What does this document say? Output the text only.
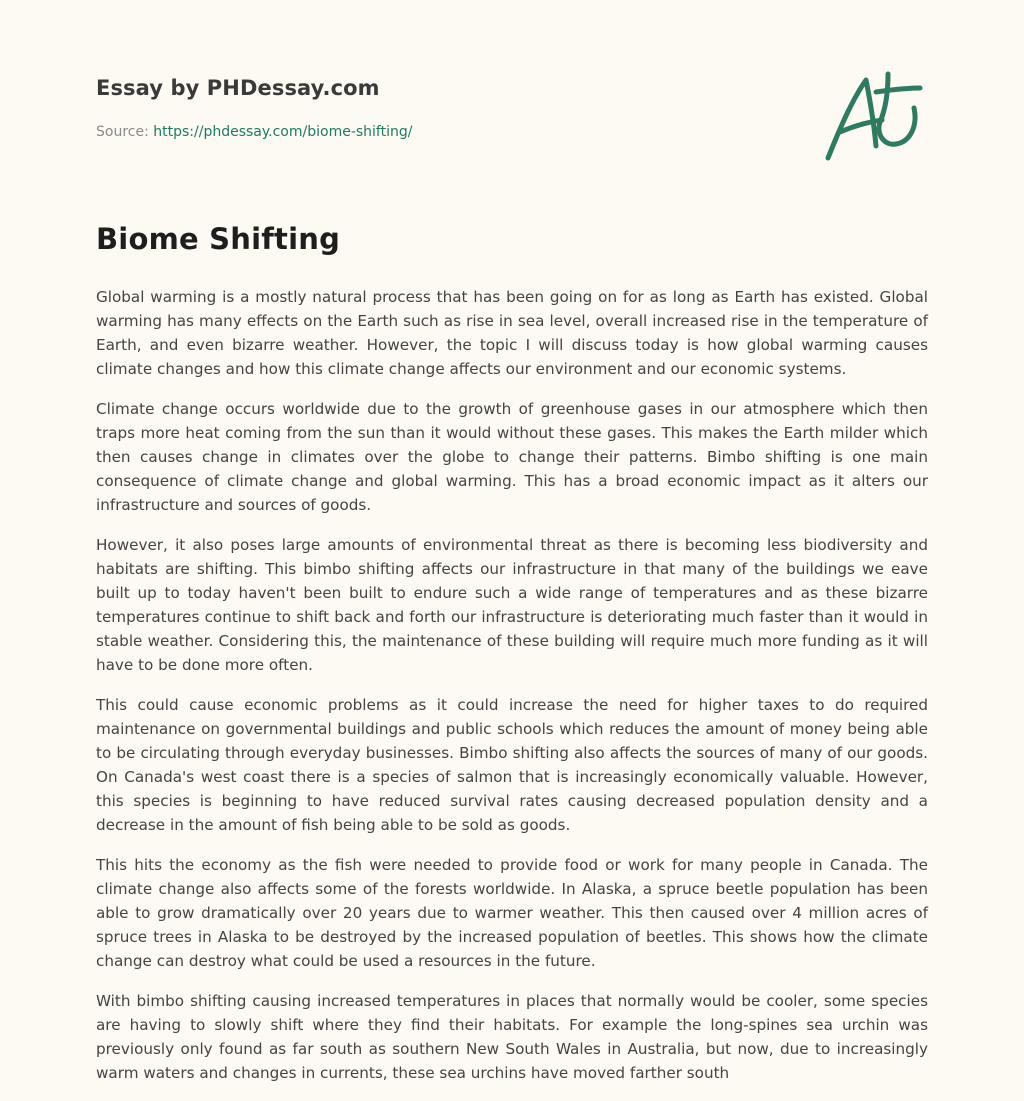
Essay by PHDessay.com
Source: https://phdessay.com/biome-shifting/
Biome Shifting

Global warming is a mostly natural process that has been going on for as long as Earth has existed. Global warming has many effects on the Earth such as rise in sea level, overall increased rise in the temperature of Earth, and even bizarre weather. However, the topic I will discuss today is how global warming causes climate changes and how this climate change affects our environment and our economic systems.

Climate change occurs worldwide due to the growth of greenhouse gases in our atmosphere which then traps more heat coming from the sun than it would without these gases. This makes the Earth milder which then causes change in climates over the globe to change their patterns. Bimbo shifting is one main consequence of climate change and global warming. This has a broad economic impact as it alters our infrastructure and sources of goods.

However, it also poses large amounts of environmental threat as there is becoming less biodiversity and habitats are shifting. This bimbo shifting affects our infrastructure in that many of the buildings we eave built up to today haven't been built to endure such a wide range of temperatures and as these bizarre temperatures continue to shift back and forth our infrastructure is deteriorating much faster than it would in stable weather. Considering this, the maintenance of these building will require much more funding as it will have to be done more often.

This could cause economic problems as it could increase the need for higher taxes to do required maintenance on governmental buildings and public schools which reduces the amount of money being able to be circulating through everyday businesses. Bimbo shifting also affects the sources of many of our goods. On Canada's west coast there is a species of salmon that is increasingly economically valuable. However, this species is beginning to have reduced survival rates causing decreased population density and a decrease in the amount of fish being able to be sold as goods.

This hits the economy as the fish were needed to provide food or work for many people in Canada. The climate change also affects some of the forests worldwide. In Alaska, a spruce beetle population has been able to grow dramatically over 20 years due to warmer weather. This then caused over 4 million acres of spruce trees in Alaska to be destroyed by the increased population of beetles. This shows how the climate change can destroy what could be used a resources in the future.

With bimbo shifting causing increased temperatures in places that normally would be cooler, some species are having to slowly shift where they find their habitats. For example the long-spines sea urchin was previously only found as far south as southern New South Wales in Australia, but now, due to increasingly warm waters and changes in currents, these sea urchins have moved farther south
